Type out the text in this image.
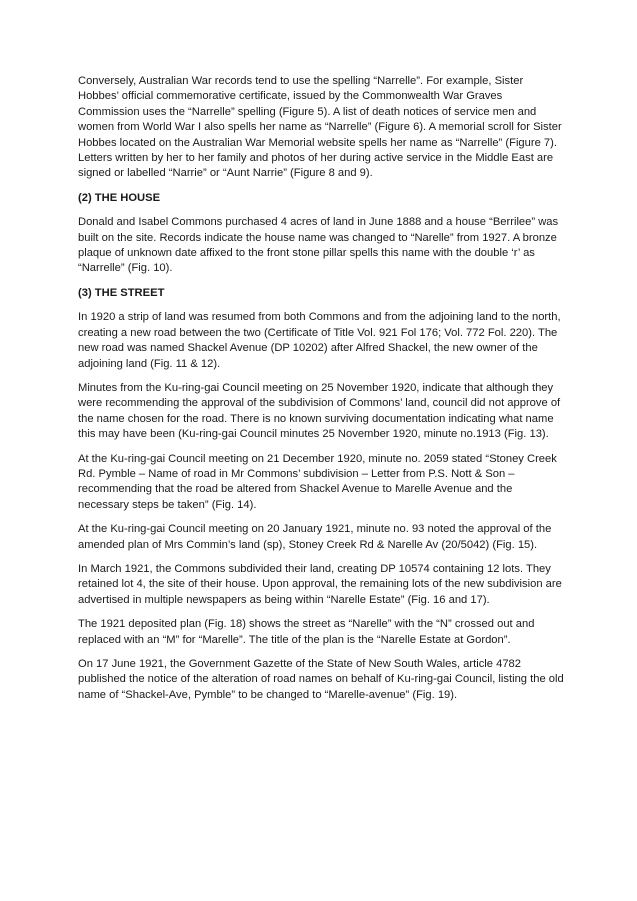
Conversely, Australian War records tend to use the spelling “Narrelle”. For example, Sister Hobbes’ official commemorative certificate, issued by the Commonwealth War Graves Commission uses the “Narrelle” spelling (Figure 5). A list of death notices of service men and women from World War I also spells her name as “Narrelle” (Figure 6). A memorial scroll for Sister Hobbes located on the Australian War Memorial website spells her name as “Narrelle” (Figure 7). Letters written by her to her family and photos of her during active service in the Middle East are signed or labelled “Narrie” or “Aunt Narrie” (Figure 8 and 9).

(2) THE HOUSE

Donald and Isabel Commons purchased 4 acres of land in June 1888 and a house “Berrilee” was built on the site. Records indicate the house name was changed to “Narelle” from 1927. A bronze plaque of unknown date affixed to the front stone pillar spells this name with the double ‘r’ as “Narrelle” (Fig. 10).

(3) THE STREET

In 1920 a strip of land was resumed from both Commons and from the adjoining land to the north, creating a new road between the two (Certificate of Title Vol. 921 Fol 176; Vol. 772 Fol. 220). The new road was named Shackel Avenue (DP 10202) after Alfred Shackel, the new owner of the adjoining land (Fig. 11 & 12).

Minutes from the Ku-ring-gai Council meeting on 25 November 1920, indicate that although they were recommending the approval of the subdivision of Commons’ land, council did not approve of the name chosen for the road. There is no known surviving documentation indicating what name this may have been (Ku-ring-gai Council minutes 25 November 1920, minute no.1913 (Fig. 13).

At the Ku-ring-gai Council meeting on 21 December 1920, minute no. 2059 stated “Stoney Creek Rd. Pymble – Name of road in Mr Commons’ subdivision – Letter from P.S. Nott & Son – recommending that the road be altered from Shackel Avenue to Marelle Avenue and the necessary steps be taken” (Fig. 14).

At the Ku-ring-gai Council meeting on 20 January 1921, minute no. 93 noted the approval of the amended plan of Mrs Commin’s land (sp), Stoney Creek Rd & Narelle Av (20/5042) (Fig. 15).

In March 1921, the Commons subdivided their land, creating DP 10574 containing 12 lots. They retained lot 4, the site of their house. Upon approval, the remaining lots of the new subdivision are advertised in multiple newspapers as being within “Narelle Estate” (Fig. 16 and 17).

The 1921 deposited plan (Fig. 18) shows the street as “Narelle” with the “N” crossed out and replaced with an “M” for “Marelle”. The title of the plan is the “Narelle Estate at Gordon”.

On 17 June 1921, the Government Gazette of the State of New South Wales, article 4782 published the notice of the alteration of road names on behalf of Ku-ring-gai Council, listing the old name of “Shackel-Ave, Pymble” to be changed to “Marelle-avenue” (Fig. 19).
